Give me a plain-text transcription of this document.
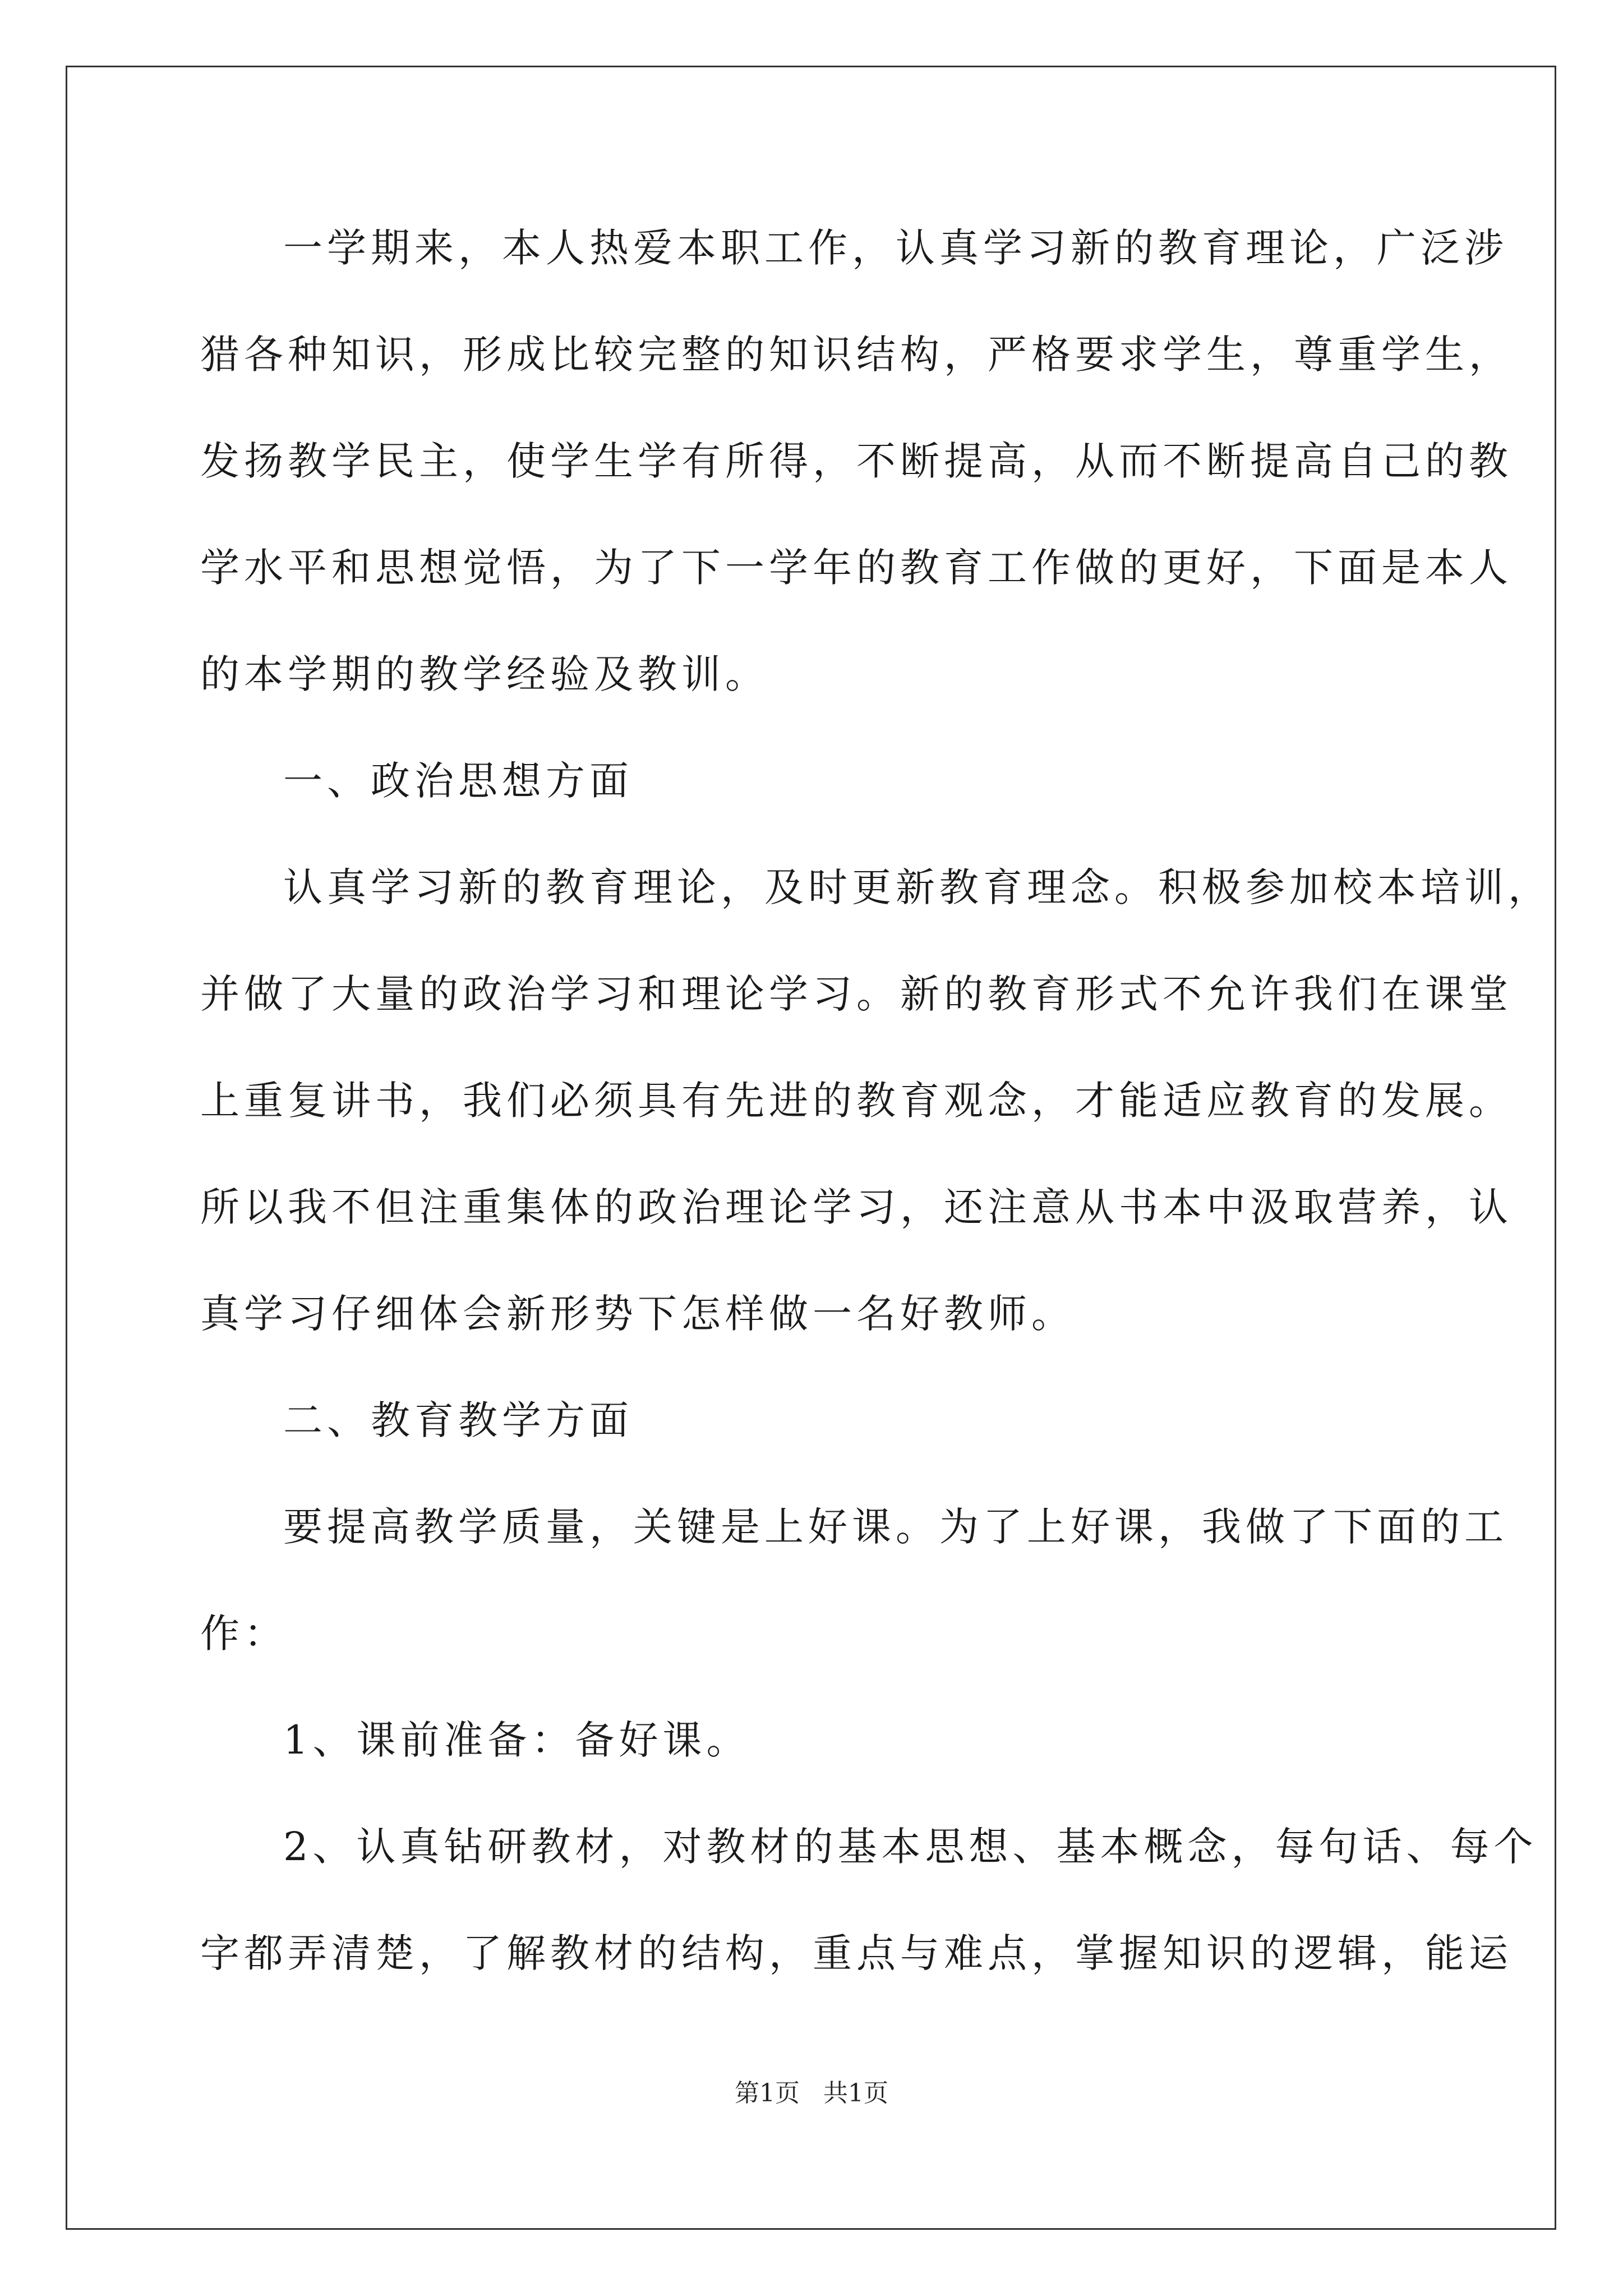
一学期来，本人热爱本职工作，认真学习新的教育理论，广泛涉
猎各种知识，形成比较完整的知识结构，严格要求学生，尊重学生，
发扬教学民主，使学生学有所得，不断提高，从而不断提高自己的教
学水平和思想觉悟，为了下一学年的教育工作做的更好，下面是本人
的本学期的教学经验及教训。
一、政治思想方面
认真学习新的教育理论，及时更新教育理念。积极参加校本培训，
并做了大量的政治学习和理论学习。新的教育形式不允许我们在课堂
上重复讲书，我们必须具有先进的教育观念，才能适应教育的发展。
所以我不但注重集体的政治理论学习，还注意从书本中汲取营养，认
真学习仔细体会新形势下怎样做一名好教师。
二、教育教学方面
要提高教学质量，关键是上好课。为了上好课，我做了下面的工
作：
1、课前准备：备好课。
2、认真钻研教材，对教材的基本思想、基本概念，每句话、每个
字都弄清楚，了解教材的结构，重点与难点，掌握知识的逻辑，能运
第1页   共1页
